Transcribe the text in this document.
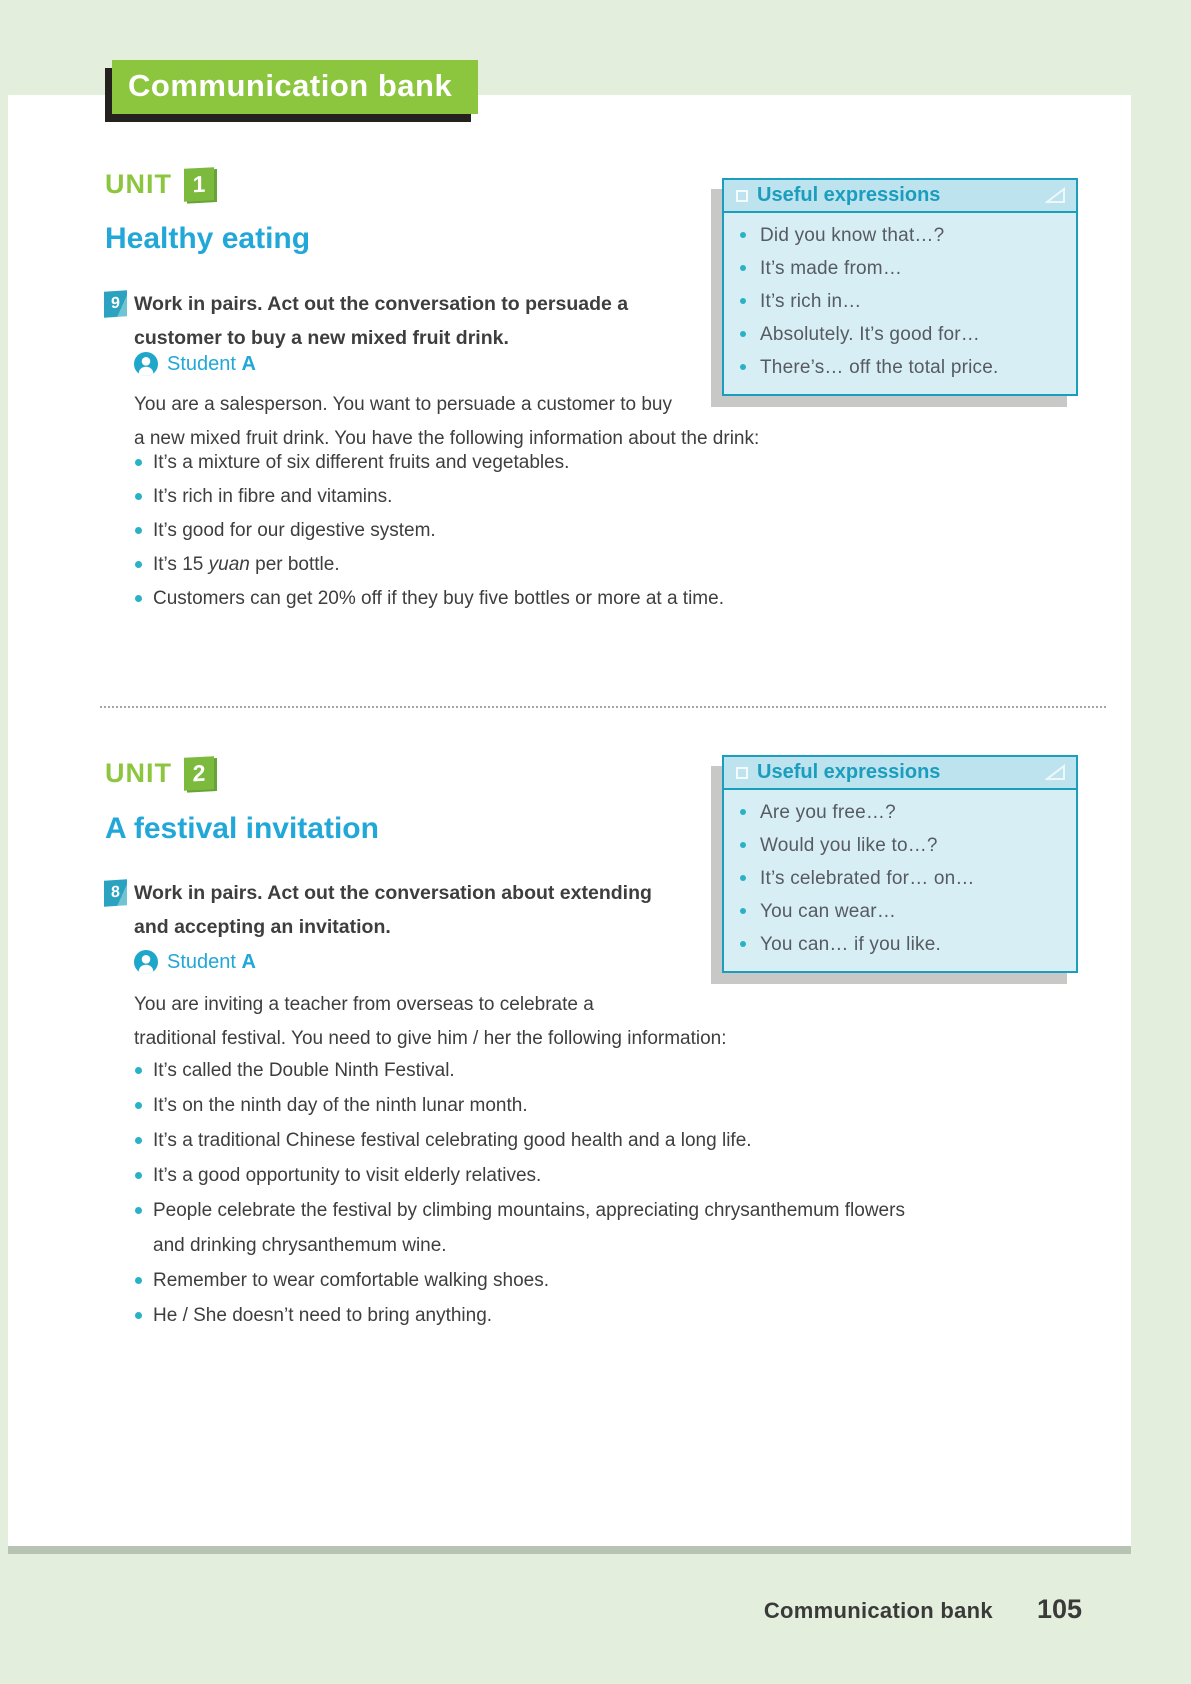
Communication bank
UNIT 1
Healthy eating
9 Work in pairs. Act out the conversation to persuade a
customer to buy a new mixed fruit drink.
Student A
You are a salesperson. You want to persuade a customer to buy
a new mixed fruit drink. You have the following information about the drink:
It’s a mixture of six different fruits and vegetables.
It’s rich in fibre and vitamins.
It’s good for our digestive system.
It’s 15 yuan per bottle.
Customers can get 20% off if they buy five bottles or more at a time.
Useful expressions
Did you know that…?
It’s made from…
It’s rich in…
Absolutely. It’s good for…
There’s… off the total price.
UNIT 2
A festival invitation
8 Work in pairs. Act out the conversation about extending
and accepting an invitation.
Student A
You are inviting a teacher from overseas to celebrate a
traditional festival. You need to give him / her the following information:
It’s called the Double Ninth Festival.
It’s on the ninth day of the ninth lunar month.
It’s a traditional Chinese festival celebrating good health and a long life.
It’s a good opportunity to visit elderly relatives.
People celebrate the festival by climbing mountains, appreciating chrysanthemum flowers
and drinking chrysanthemum wine.
Remember to wear comfortable walking shoes.
He / She doesn’t need to bring anything.
Useful expressions
Are you free…?
Would you like to…?
It’s celebrated for… on…
You can wear…
You can… if you like.
Communication bank 105
